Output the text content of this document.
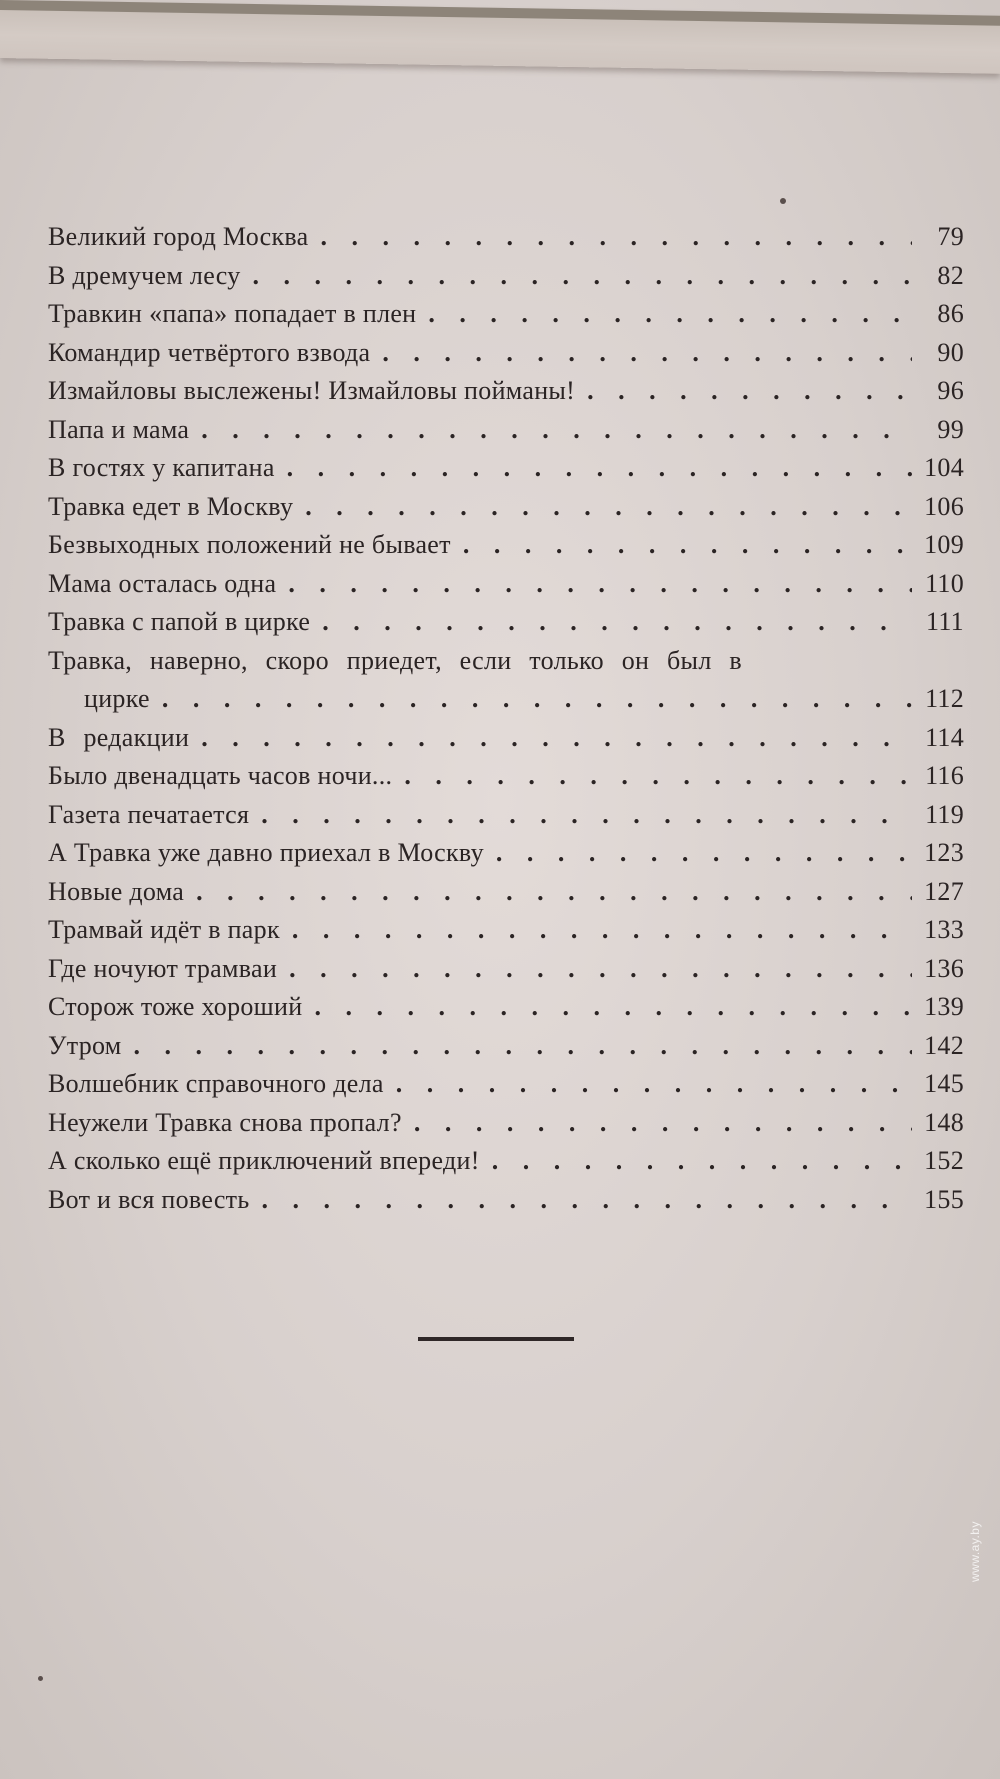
Великий город Москва . . .	79
В дремучем лесу . . .	82
Травкин «папа» попадает в плен . . .	86
Командир четвёртого взвода . . .	90
Измайловы выслежены! Измайловы пойманы! . . .	96
Папа и мама . . .	99
В гостях у капитана . . .	104
Травка едет в Москву . . .	106
Безвыходных положений не бывает . . .	109
Мама осталась одна . . .	110
Травка с папой в цирке . . .	111
Травка, наверно, скоро приедет, если только он был в
цирке . . .	112
В редакции . . .	114
Было двенадцать часов ночи... . . .	116
Газета печатается . . .	119
А Травка уже давно приехал в Москву . . .	123
Новые дома . . .	127
Трамвай идёт в парк . . .	133
Где ночуют трамваи . . .	136
Сторож тоже хороший . . .	139
Утром . . .	142
Волшебник справочного дела . . .	145
Неужели Травка снова пропал? . . .	148
А сколько ещё приключений впереди! . . .	152
Вот и вся повесть . . .	155
www.ay.by
